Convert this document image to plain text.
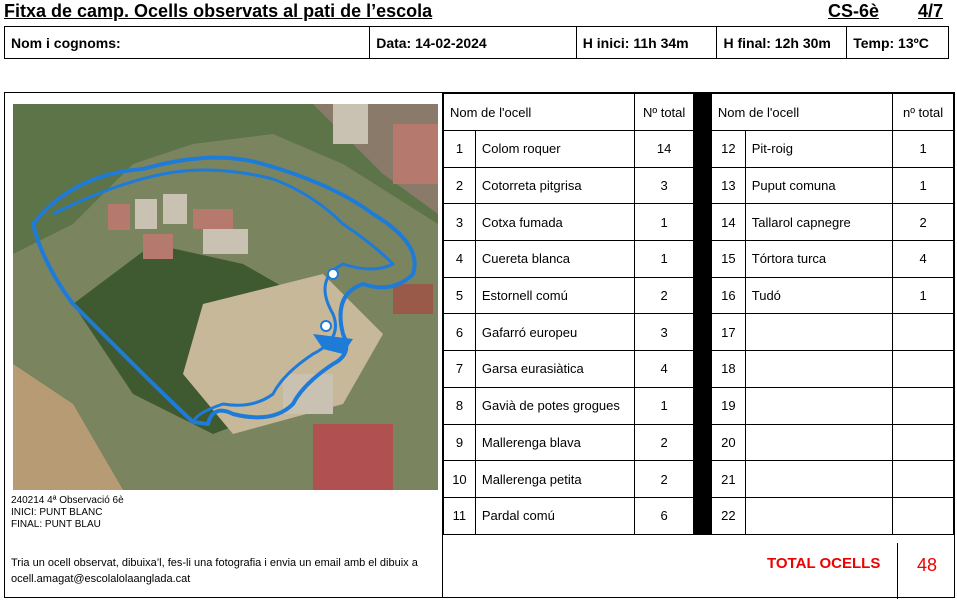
Fitxa de camp. Ocells observats al pati de l’escola	CS-6è 4/7
Nom i cognoms:	Data: 14-02-2024	H inici: 11h 34m	H final: 12h 30m	Temp: 13ºC
240214 4ª Observació 6è
INICI: PUNT BLANC
FINAL: PUNT BLAU
Tria un ocell observat, dibuixa’l, fes-li una fotografia i envia un email amb el dibuix a ocell.amagat@escolalolaanglada.cat
Nom de l'ocell		Nº total		Nom de l'ocell		nº total
1	Colom roquer	14		12	Pit-roig	1
2	Cotorreta pitgrisa	3		13	Puput comuna	1
3	Cotxa fumada	1		14	Tallarol capnegre	2
4	Cuereta blanca	1		15	Tórtora turca	4
5	Estornell comú	2		16	Tudó	1
6	Gafarró europeu	3		17		
7	Garsa eurasiàtica	4		18		
8	Gavià de potes grogues	1		19		
9	Mallerenga blava	2		20		
10	Mallerenga petita	2		21		
11	Pardal comú	6		22		
TOTAL OCELLS	48
